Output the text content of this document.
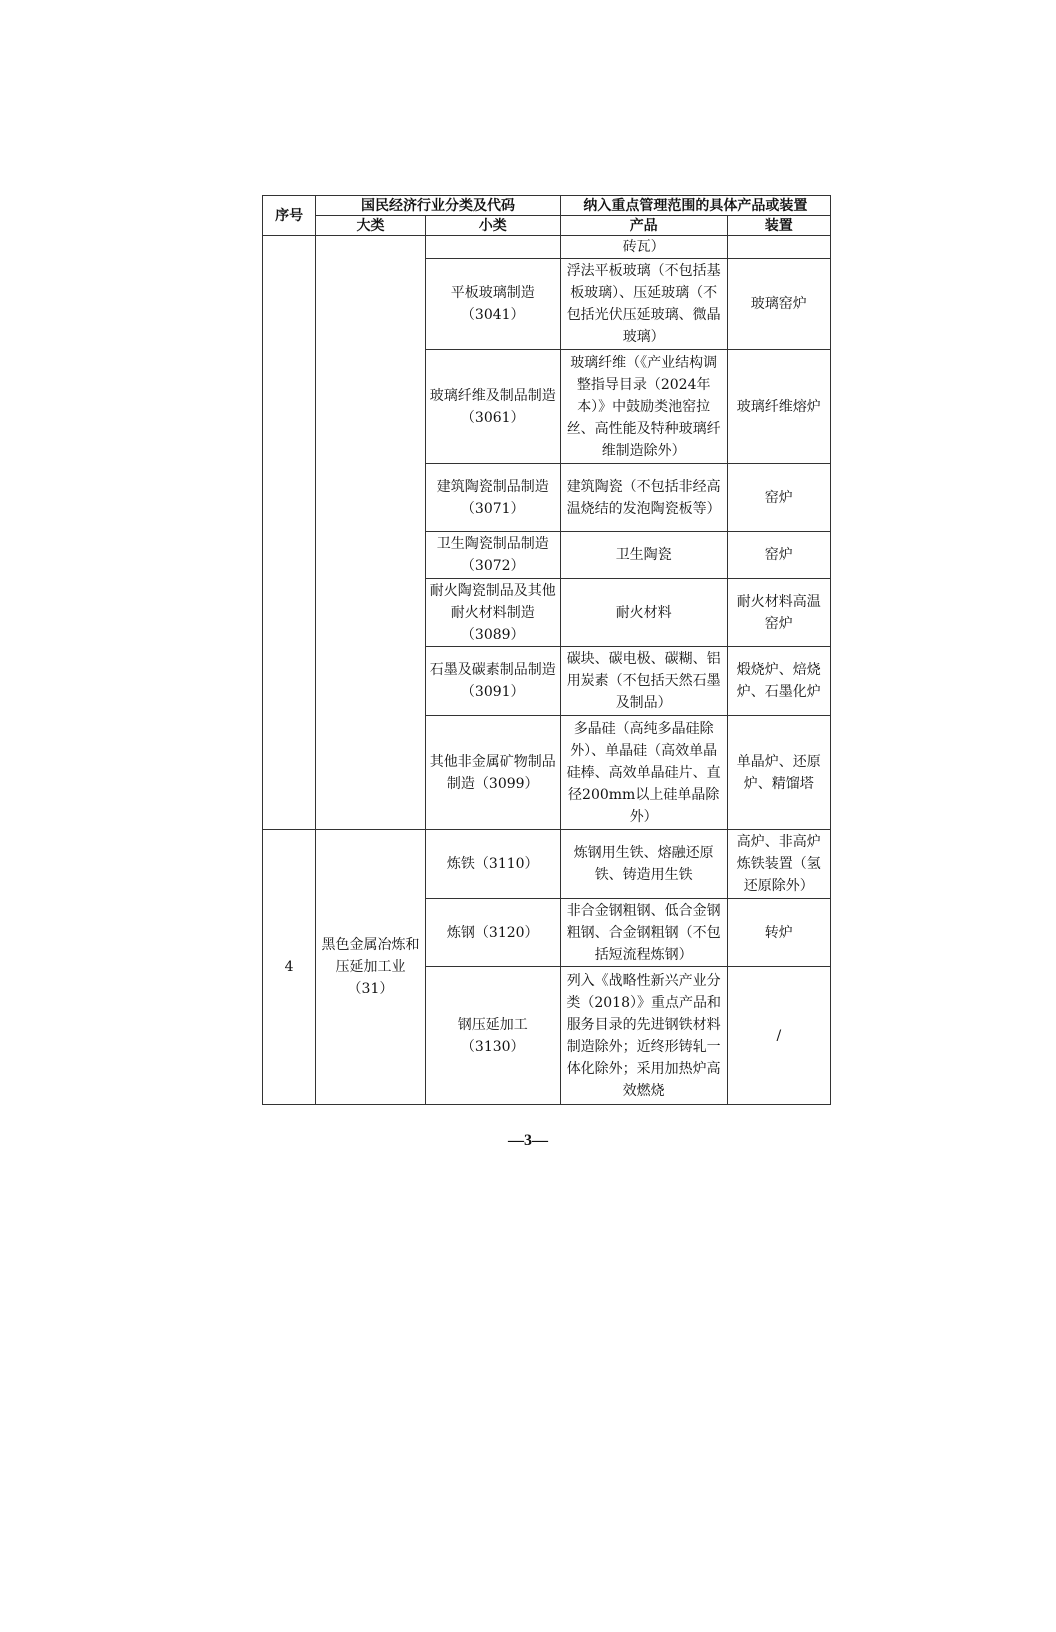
序号	国民经济行业分类及代码		纳入重点管理范围的具体产品或装置	
	大类	小类	产品	装置
			砖瓦）	
		平板玻璃制造（3041）	浮法平板玻璃（不包括基板玻璃）、压延玻璃（不包括光伏压延玻璃、微晶玻璃）	玻璃窑炉
		玻璃纤维及制品制造（3061）	玻璃纤维（《产业结构调整指导目录（2024年本）》中鼓励类池窑拉丝、高性能及特种玻璃纤维制造除外）	玻璃纤维熔炉
		建筑陶瓷制品制造（3071）	建筑陶瓷（不包括非经高温烧结的发泡陶瓷板等）	窑炉
		卫生陶瓷制品制造（3072）	卫生陶瓷	窑炉
		耐火陶瓷制品及其他耐火材料制造（3089）	耐火材料	耐火材料高温窑炉
		石墨及碳素制品制造（3091）	碳块、碳电极、碳糊、铝用炭素（不包括天然石墨及制品）	煅烧炉、焙烧炉、石墨化炉
		其他非金属矿物制品制造（3099）	多晶硅（高纯多晶硅除外）、单晶硅（高效单晶硅棒、高效单晶硅片、直径200mm以上硅单晶除外）	单晶炉、还原炉、精馏塔
4	黑色金属冶炼和压延加工业（31）	炼铁（3110）	炼钢用生铁、熔融还原铁、铸造用生铁	高炉、非高炉炼铁装置（氢还原除外）
		炼钢（3120）	非合金钢粗钢、低合金钢粗钢、合金钢粗钢（不包括短流程炼钢）	转炉
		钢压延加工（3130）	列入《战略性新兴产业分类（2018）》重点产品和服务目录的先进钢铁材料制造除外；近终形铸轧一体化除外；采用加热炉高效燃烧	/
—3—
